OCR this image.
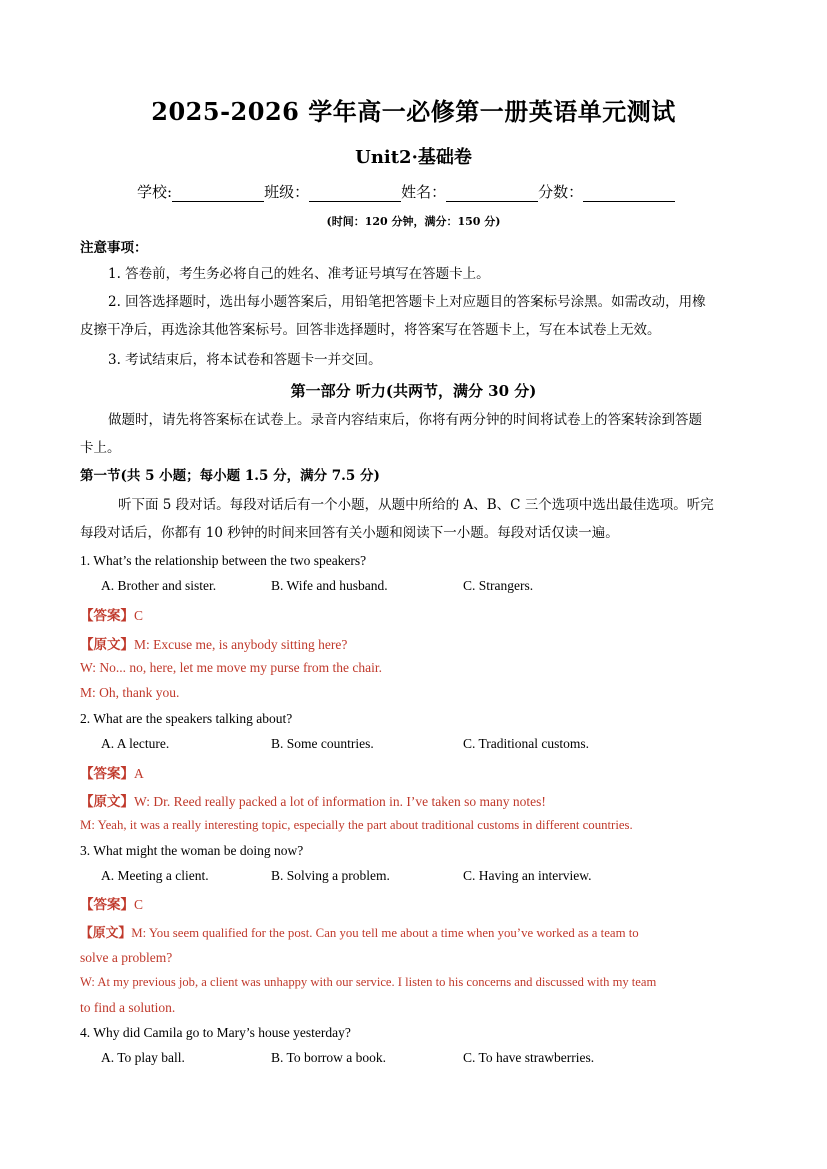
2025-2026 学年高一必修第一册英语单元测试
Unit2·基础卷
学校:	班级：	姓名：	分数：
(时间：120 分钟，满分：150 分)
注意事项：
1. 答卷前，考生务必将自己的姓名、准考证号填写在答题卡上。
2. 回答选择题时，选出每小题答案后，用铅笔把答题卡上对应题目的答案标号涂黑。如需改动，用橡
皮擦干净后，再选涂其他答案标号。回答非选择题时，将答案写在答题卡上，写在本试卷上无效。
3. 考试结束后，将本试卷和答题卡一并交回。
第一部分 听力(共两节，满分 30 分)
做题时，请先将答案标在试卷上。录音内容结束后，你将有两分钟的时间将试卷上的答案转涂到答题
卡上。
第一节(共 5 小题；每小题 1.5 分，满分 7.5 分)
听下面 5 段对话。每段对话后有一个小题，从题中所给的 A、B、C 三个选项中选出最佳选项。听完
每段对话后，你都有 10 秒钟的时间来回答有关小题和阅读下一小题。每段对话仅读一遍。
1. What’s the relationship between the two speakers?
A. Brother and sister.	B. Wife and husband.	C. Strangers.
【答案】C
【原文】M: Excuse me, is anybody sitting here?
W: No... no, here, let me move my purse from the chair.
M: Oh, thank you.
2. What are the speakers talking about?
A. A lecture.	B. Some countries.	C. Traditional customs.
【答案】A
【原文】W: Dr. Reed really packed a lot of information in. I’ve taken so many notes!
M: Yeah, it was a really interesting topic, especially the part about traditional customs in different countries.
3. What might the woman be doing now?
A. Meeting a client.	B. Solving a problem.	C. Having an interview.
【答案】C
【原文】M: You seem qualified for the post. Can you tell me about a time when you’ve worked as a team to
solve a problem?
W: At my previous job, a client was unhappy with our service. I listen to his concerns and discussed with my team
to find a solution.
4. Why did Camila go to Mary’s house yesterday?
A. To play ball.	B. To borrow a book.	C. To have strawberries.
